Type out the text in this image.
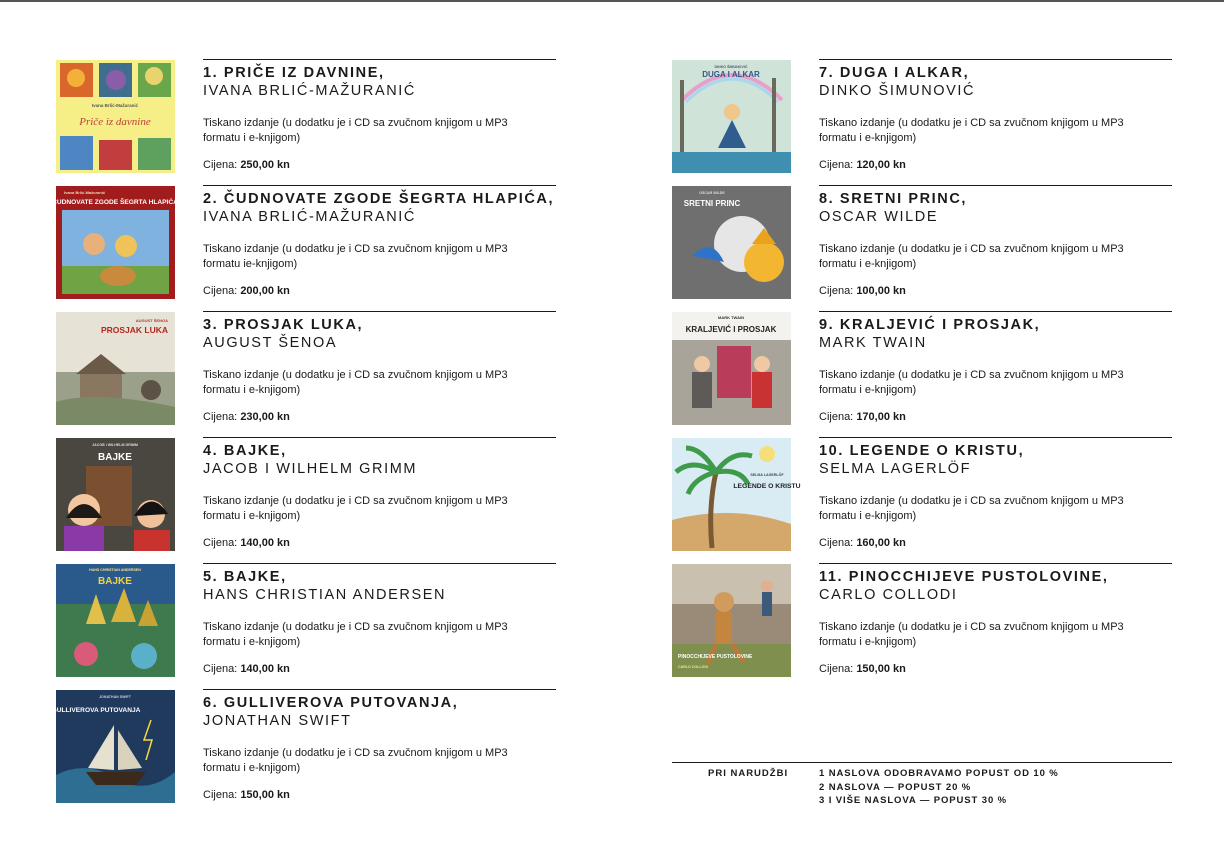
Ivana Brlić-Mažuranić
Priče iz davnine
1. PRIČE IZ DAVNINE,
IVANA BRLIĆ-MAŽURANIĆ
Tiskano izdanje (u dodatku je i CD sa zvučnom knjigom u MP3 formatu i e-knjigom)
Cijena: 250,00 kn
Ivana Brlić-Mažuranić
ČUDNOVATE ZGODE ŠEGRTA HLAPIĆA 2. ČUDNOVATE ZGODE ŠEGRTA HLAPIĆA,
IVANA BRLIĆ-MAŽURANIĆ
Tiskano izdanje (u dodatku je i CD sa zvučnom knjigom u MP3 formatu ie-knjigom)
Cijena: 200,00 kn
AUGUST ŠENOA
PROSJAK LUKA 3. PROSJAK LUKA,
AUGUST ŠENOA
Tiskano izdanje (u dodatku je i CD sa zvučnom knjigom u MP3 formatu i e-knjigom)
Cijena: 230,00 kn
JACOB I WILHELM GRIMM
BAJKE	4. BAJKE,
JACOB I WILHELM GRIMM
Tiskano izdanje (u dodatku je i CD sa zvučnom knjigom u MP3 formatu i e-knjigom)
Cijena: 140,00 kn
HANS CHRISTIAN ANDERSEN
BAJKE	5. BAJKE,
HANS CHRISTIAN ANDERSEN
Tiskano izdanje (u dodatku je i CD sa zvučnom knjigom u MP3 formatu i e-knjigom)
Cijena: 140,00 kn
JONATHAN SWIFT
GULLIVEROVA PUTOVANJA	6. GULLIVEROVA PUTOVANJA,
JONATHAN SWIFT
Tiskano izdanje (u dodatku je i CD sa zvučnom knjigom u MP3 formatu i e-knjigom)
Cijena: 150,00 kn
DINKO ŠIMUNOVIĆ
DUGA I ALKAR	7. DUGA I ALKAR,
DINKO ŠIMUNOVIĆ
Tiskano izdanje (u dodatku je i CD sa zvučnom knjigom u MP3 formatu i e-knjigom)
Cijena: 120,00 kn
OSCAR WILDE
SRETNI PRINC	8. SRETNI PRINC,
OSCAR WILDE
Tiskano izdanje (u dodatku je i CD sa zvučnom knjigom u MP3 formatu i e-knjigom)
Cijena: 100,00 kn
MARK TWAIN
KRALJEVIĆ I PROSJAK	9. KRALJEVIĆ I PROSJAK,
MARK TWAIN
Tiskano izdanje (u dodatku je i CD sa zvučnom knjigom u MP3 formatu i e-knjigom)
Cijena: 170,00 kn
SELMA LAGERLÖF
LEGENDE O KRISTU
10. LEGENDE O KRISTU,
SELMA LAGERLÖF
Tiskano izdanje (u dodatku je i CD sa zvučnom knjigom u MP3 formatu i e-knjigom)
Cijena: 160,00 kn
PINOCCHIJEVE PUSTOLOVINE
CARLO COLLODI
11. PINOCCHIJEVE PUSTOLOVINE,
CARLO COLLODI
Tiskano izdanje (u dodatku je i CD sa zvučnom knjigom u MP3 formatu i e-knjigom)
Cijena: 150,00 kn
PRI NARUDŽBI	1 NASLOVA ODOBRAVAMO POPUST OD 10 %
2 NASLOVA — POPUST 20 %
3 I VIŠE NASLOVA — POPUST 30 %
